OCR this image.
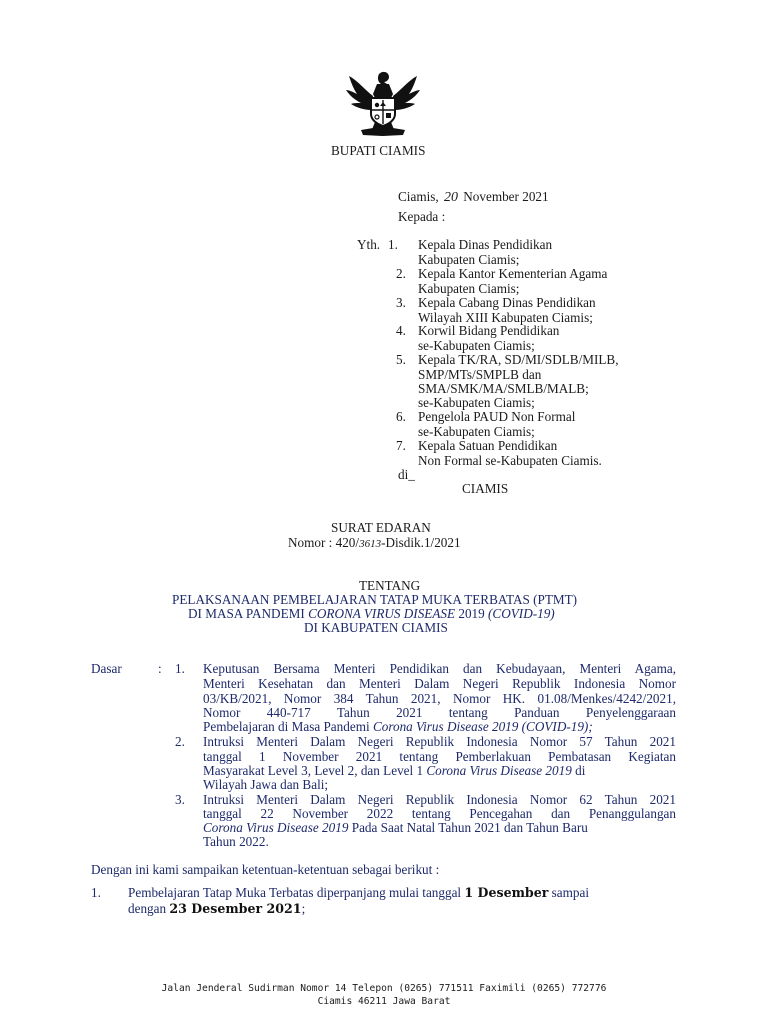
BUPATI CIAMIS
Ciamis, 20 November 2021
Kepada :
Yth. 1. Kepala Dinas Pendidikan
Kabupaten Ciamis;
2. Kepala Kantor Kementerian Agama
Kabupaten Ciamis;
3. Kepala Cabang Dinas Pendidikan
Wilayah XIII Kabupaten Ciamis;
4. Korwil Bidang Pendidikan
se-Kabupaten Ciamis;
5. Kepala TK/RA, SD/MI/SDLB/MILB,
SMP/MTs/SMPLB dan
SMA/SMK/MA/SMLB/MALB;
se-Kabupaten Ciamis;
6. Pengelola PAUD Non Formal
se-Kabupaten Ciamis;
7. Kepala Satuan Pendidikan
Non Formal se-Kabupaten Ciamis.
di_
CIAMIS
SURAT EDARAN
Nomor : 420/3613-Disdik.1/2021
TENTANG
PELAKSANAAN PEMBELAJARAN TATAP MUKA TERBATAS (PTMT)
DI MASA PANDEMI CORONA VIRUS DISEASE 2019 (COVID-19)
DI KABUPATEN CIAMIS
Dasar	: 1. Keputusan Bersama Menteri Pendidikan dan Kebudayaan, Menteri Agama,
Menteri Kesehatan dan Menteri Dalam Negeri Republik Indonesia Nomor
03/KB/2021, Nomor 384 Tahun 2021, Nomor HK. 01.08/Menkes/4242/2021,
Nomor 440-717 Tahun 2021 tentang Panduan Penyelenggaraan
Pembelajaran di Masa Pandemi Corona Virus Disease 2019 (COVID-19);
2. Intruksi Menteri Dalam Negeri Republik Indonesia Nomor 57 Tahun 2021
tanggal 1 November 2021 tentang Pemberlakuan Pembatasan Kegiatan
Masyarakat Level 3, Level 2, dan Level 1 Corona Virus Disease 2019 di
Wilayah Jawa dan Bali;
3. Intruksi Menteri Dalam Negeri Republik Indonesia Nomor 62 Tahun 2021
tanggal 22 November 2022 tentang Pencegahan dan Penanggulangan
Corona Virus Disease 2019 Pada Saat Natal Tahun 2021 dan Tahun Baru
Tahun 2022.
Dengan ini kami sampaikan ketentuan-ketentuan sebagai berikut :
1. Pembelajaran Tatap Muka Terbatas diperpanjang mulai tanggal 1 Desember sampai
dengan 23 Desember 2021;
Jalan Jenderal Sudirman Nomor 14 Telepon (0265) 771511 Faximili (0265) 772776
Ciamis 46211 Jawa Barat
